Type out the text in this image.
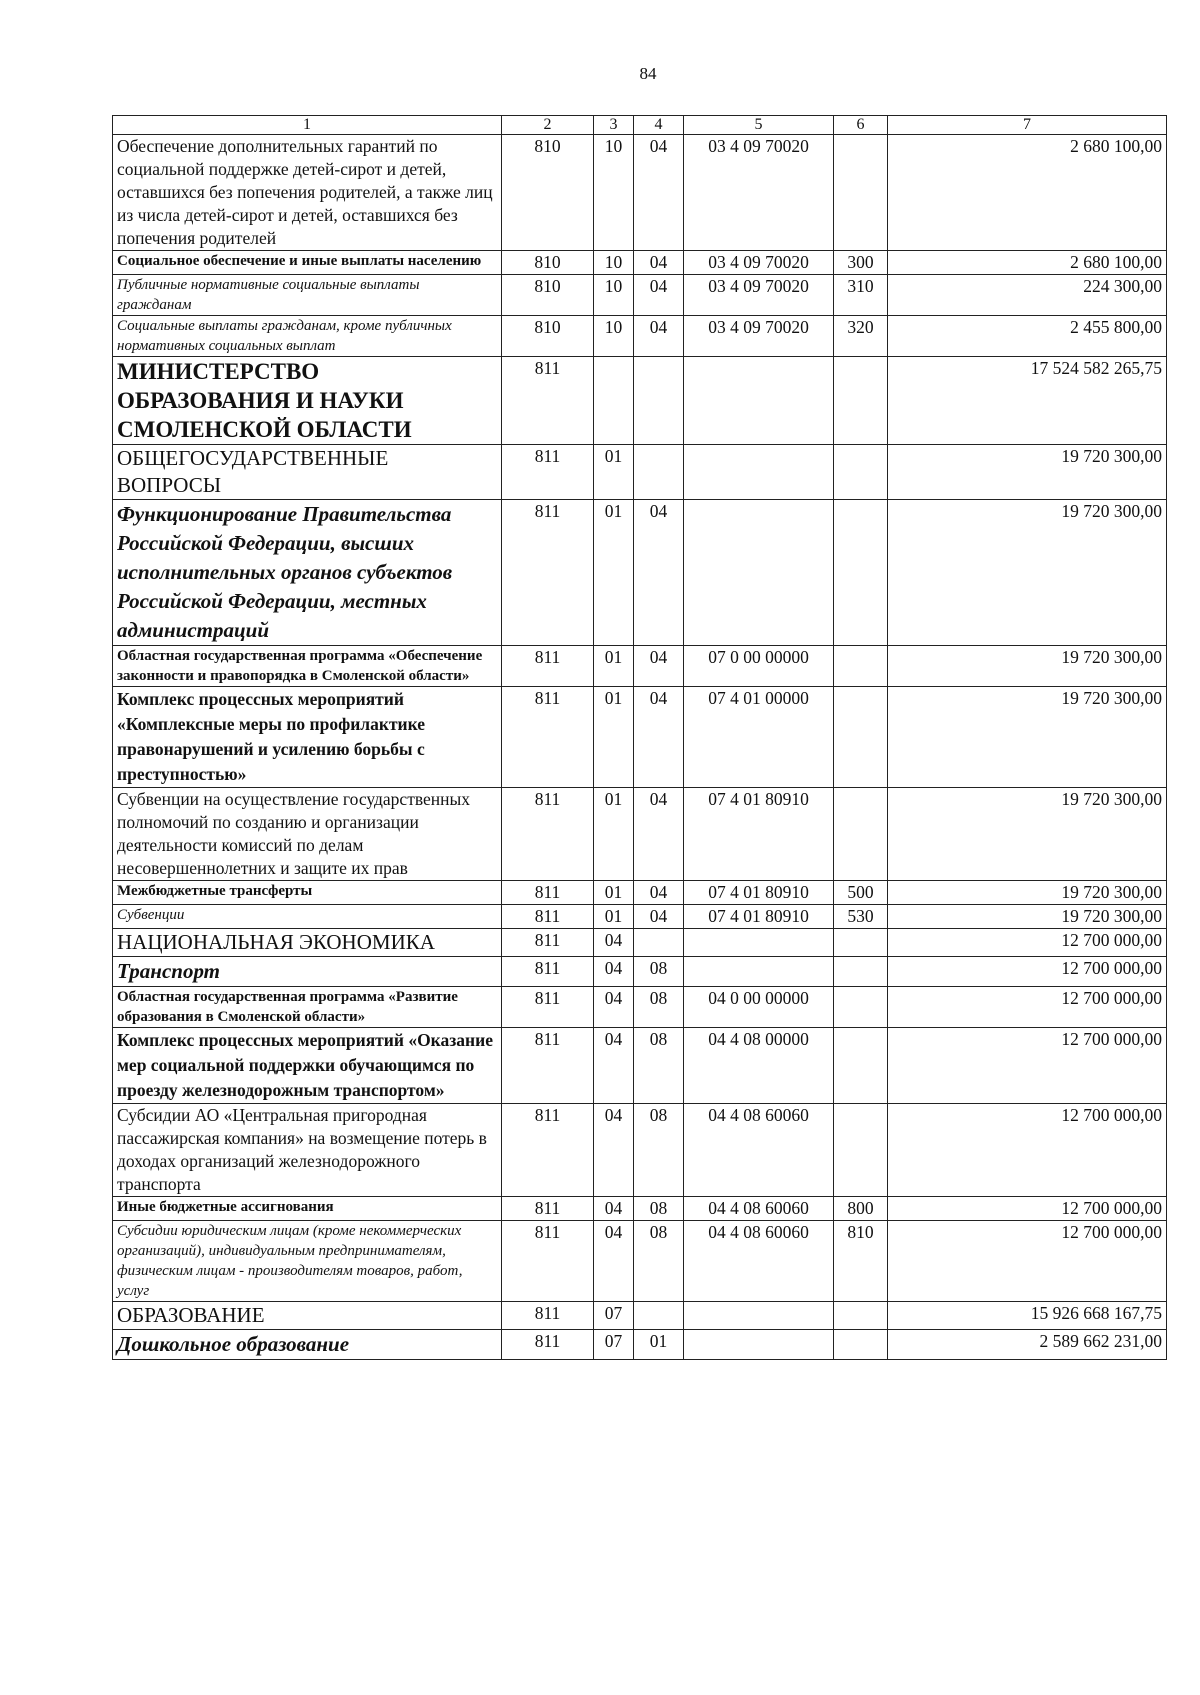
84
1	2	3	4	5	6	7
Обеспечение дополнительных гарантий по социальной поддержке детей-сирот и детей, оставшихся без попечения родителей, а также лиц из числа детей-сирот и детей, оставшихся без попечения родителей	810	10	04	03 4 09 70020		2 680 100,00
Социальное обеспечение и иные выплаты населению	810	10	04	03 4 09 70020	300	2 680 100,00
Публичные нормативные социальные выплаты гражданам	810	10	04	03 4 09 70020	310	224 300,00
Социальные выплаты гражданам, кроме публичных нормативных социальных выплат	810	10	04	03 4 09 70020	320	2 455 800,00
МИНИСТЕРСТВО ОБРАЗОВАНИЯ И НАУКИ СМОЛЕНСКОЙ ОБЛАСТИ	811					17 524 582 265,75
ОБЩЕГОСУДАРСТВЕННЫЕ ВОПРОСЫ	811	01				19 720 300,00
Функционирование Правительства Российской Федерации, высших исполнительных органов субъектов Российской Федерации, местных администраций	811	01	04			19 720 300,00
Областная государственная программа «Обеспечение законности и правопорядка в Смоленской области»	811	01	04	07 0 00 00000		19 720 300,00
Комплекс процессных мероприятий «Комплексные меры по профилактике правонарушений и усилению борьбы с преступностью»	811	01	04	07 4 01 00000		19 720 300,00
Субвенции на осуществление государственных полномочий по созданию и организации деятельности комиссий по делам несовершеннолетних и защите их прав	811	01	04	07 4 01 80910		19 720 300,00
Межбюджетные трансферты	811	01	04	07 4 01 80910	500	19 720 300,00
Субвенции	811	01	04	07 4 01 80910	530	19 720 300,00
НАЦИОНАЛЬНАЯ ЭКОНОМИКА	811	04				12 700 000,00
Транспорт	811	04	08			12 700 000,00
Областная государственная программа «Развитие образования в Смоленской области»	811	04	08	04 0 00 00000		12 700 000,00
Комплекс процессных мероприятий «Оказание мер социальной поддержки обучающимся по проезду железнодорожным транспортом»	811	04	08	04 4 08 00000		12 700 000,00
Субсидии АО «Центральная пригородная пассажирская компания» на возмещение потерь в доходах организаций железнодорожного транспорта	811	04	08	04 4 08 60060		12 700 000,00
Иные бюджетные ассигнования	811	04	08	04 4 08 60060	800	12 700 000,00
Субсидии юридическим лицам (кроме некоммерческих организаций), индивидуальным предпринимателям, физическим лицам - производителям товаров, работ, услуг	811	04	08	04 4 08 60060	810	12 700 000,00
ОБРАЗОВАНИЕ	811	07				15 926 668 167,75
Дошкольное образование	811	07	01			2 589 662 231,00
